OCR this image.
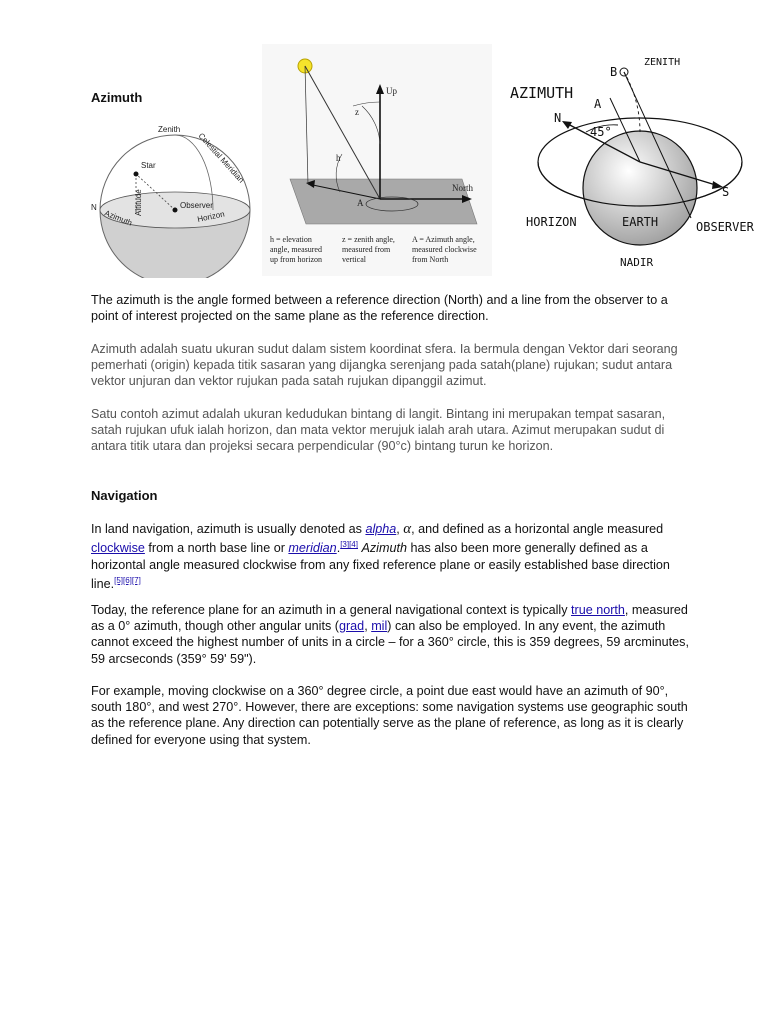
Azimuth
Zenith
Celestial Meridian
Star
Altitude	Observer
N
Azimuth	Horizon
Up
z
h
North
A
h = elevation
angle, measured
up from horizon
z = zenith angle,
measured from
vertical
A = Azimuth angle,
measured clockwise
from North
AZIMUTH
ZENITH
B
A
N
45°
S
HORIZON	EARTH	OBSERVER
NADIR

The azimuth is the angle formed between a reference direction (North) and a line from the observer to a point of interest projected on the same plane as the reference direction.

Azimuth adalah suatu ukuran sudut dalam sistem koordinat sfera. Ia bermula dengan Vektor dari seorang pemerhati (origin) kepada titik sasaran yang dijangka serenjang pada satah(plane) rujukan; sudut antara vektor unjuran dan vektor rujukan pada satah rujukan dipanggil azimut.

Satu contoh azimut adalah ukuran kedudukan bintang di langit. Bintang ini merupakan tempat sasaran, satah rujukan ufuk ialah horizon, dan mata vektor merujuk ialah arah utara. Azimut merupakan sudut di antara titik utara dan projeksi secara perpendicular (90°c) bintang turun ke horizon.

Navigation

In land navigation, azimuth is usually denoted as alpha, α, and defined as a horizontal angle measured clockwise from a north base line or meridian.[3][4] Azimuth has also been more generally defined as a horizontal angle measured clockwise from any fixed reference plane or easily established base direction line.[5][6][7]

Today, the reference plane for an azimuth in a general navigational context is typically true north, measured as a 0° azimuth, though other angular units (grad, mil) can also be employed. In any event, the azimuth cannot exceed the highest number of units in a circle – for a 360° circle, this is 359 degrees, 59 arcminutes, 59 arcseconds (359° 59' 59").

For example, moving clockwise on a 360° degree circle, a point due east would have an azimuth of 90°, south 180°, and west 270°. However, there are exceptions: some navigation systems use geographic south as the reference plane. Any direction can potentially serve as the plane of reference, as long as it is clearly defined for everyone using that system.
